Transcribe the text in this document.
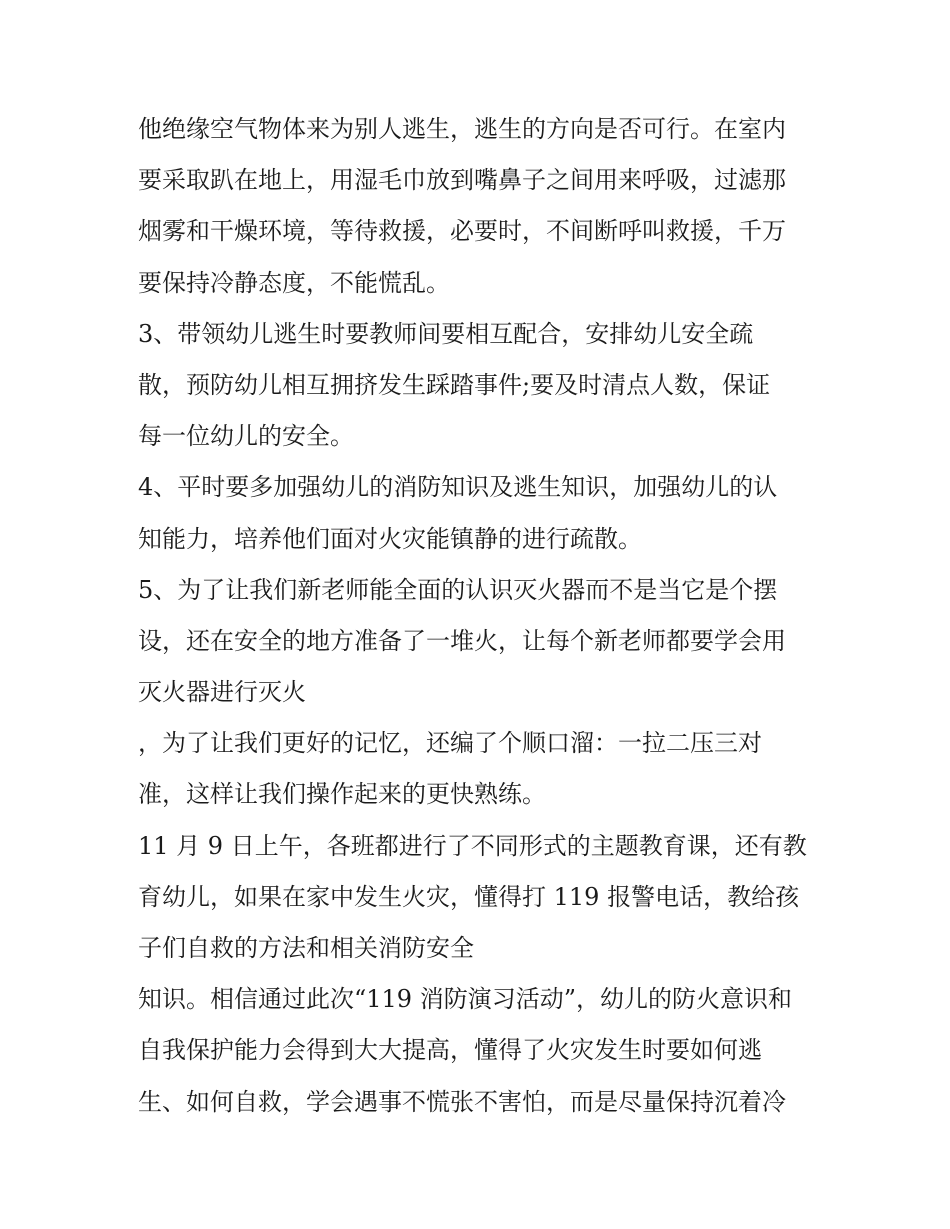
他绝缘空气物体来为别人逃生，逃生的方向是否可行。在室内
要采取趴在地上，用湿毛巾放到嘴鼻子之间用来呼吸，过滤那
烟雾和干燥环境，等待救援，必要时，不间断呼叫救援，千万
要保持冷静态度，不能慌乱。
3、带领幼儿逃生时要教师间要相互配合，安排幼儿安全疏
散，预防幼儿相互拥挤发生踩踏事件;要及时清点人数，保证
每一位幼儿的安全。
4、平时要多加强幼儿的消防知识及逃生知识，加强幼儿的认
知能力，培养他们面对火灾能镇静的进行疏散。
5、为了让我们新老师能全面的认识灭火器而不是当它是个摆
设，还在安全的地方准备了一堆火，让每个新老师都要学会用
灭火器进行灭火
，为了让我们更好的记忆，还编了个顺口溜：一拉二压三对
准，这样让我们操作起来的更快熟练。
11 月 9 日上午，各班都进行了不同形式的主题教育课，还有教
育幼儿，如果在家中发生火灾，懂得打 119 报警电话，教给孩
子们自救的方法和相关消防安全
知识。相信通过此次“119 消防演习活动”，幼儿的防火意识和
自我保护能力会得到大大提高，懂得了火灾发生时要如何逃
生、如何自救，学会遇事不慌张不害怕，而是尽量保持沉着冷
